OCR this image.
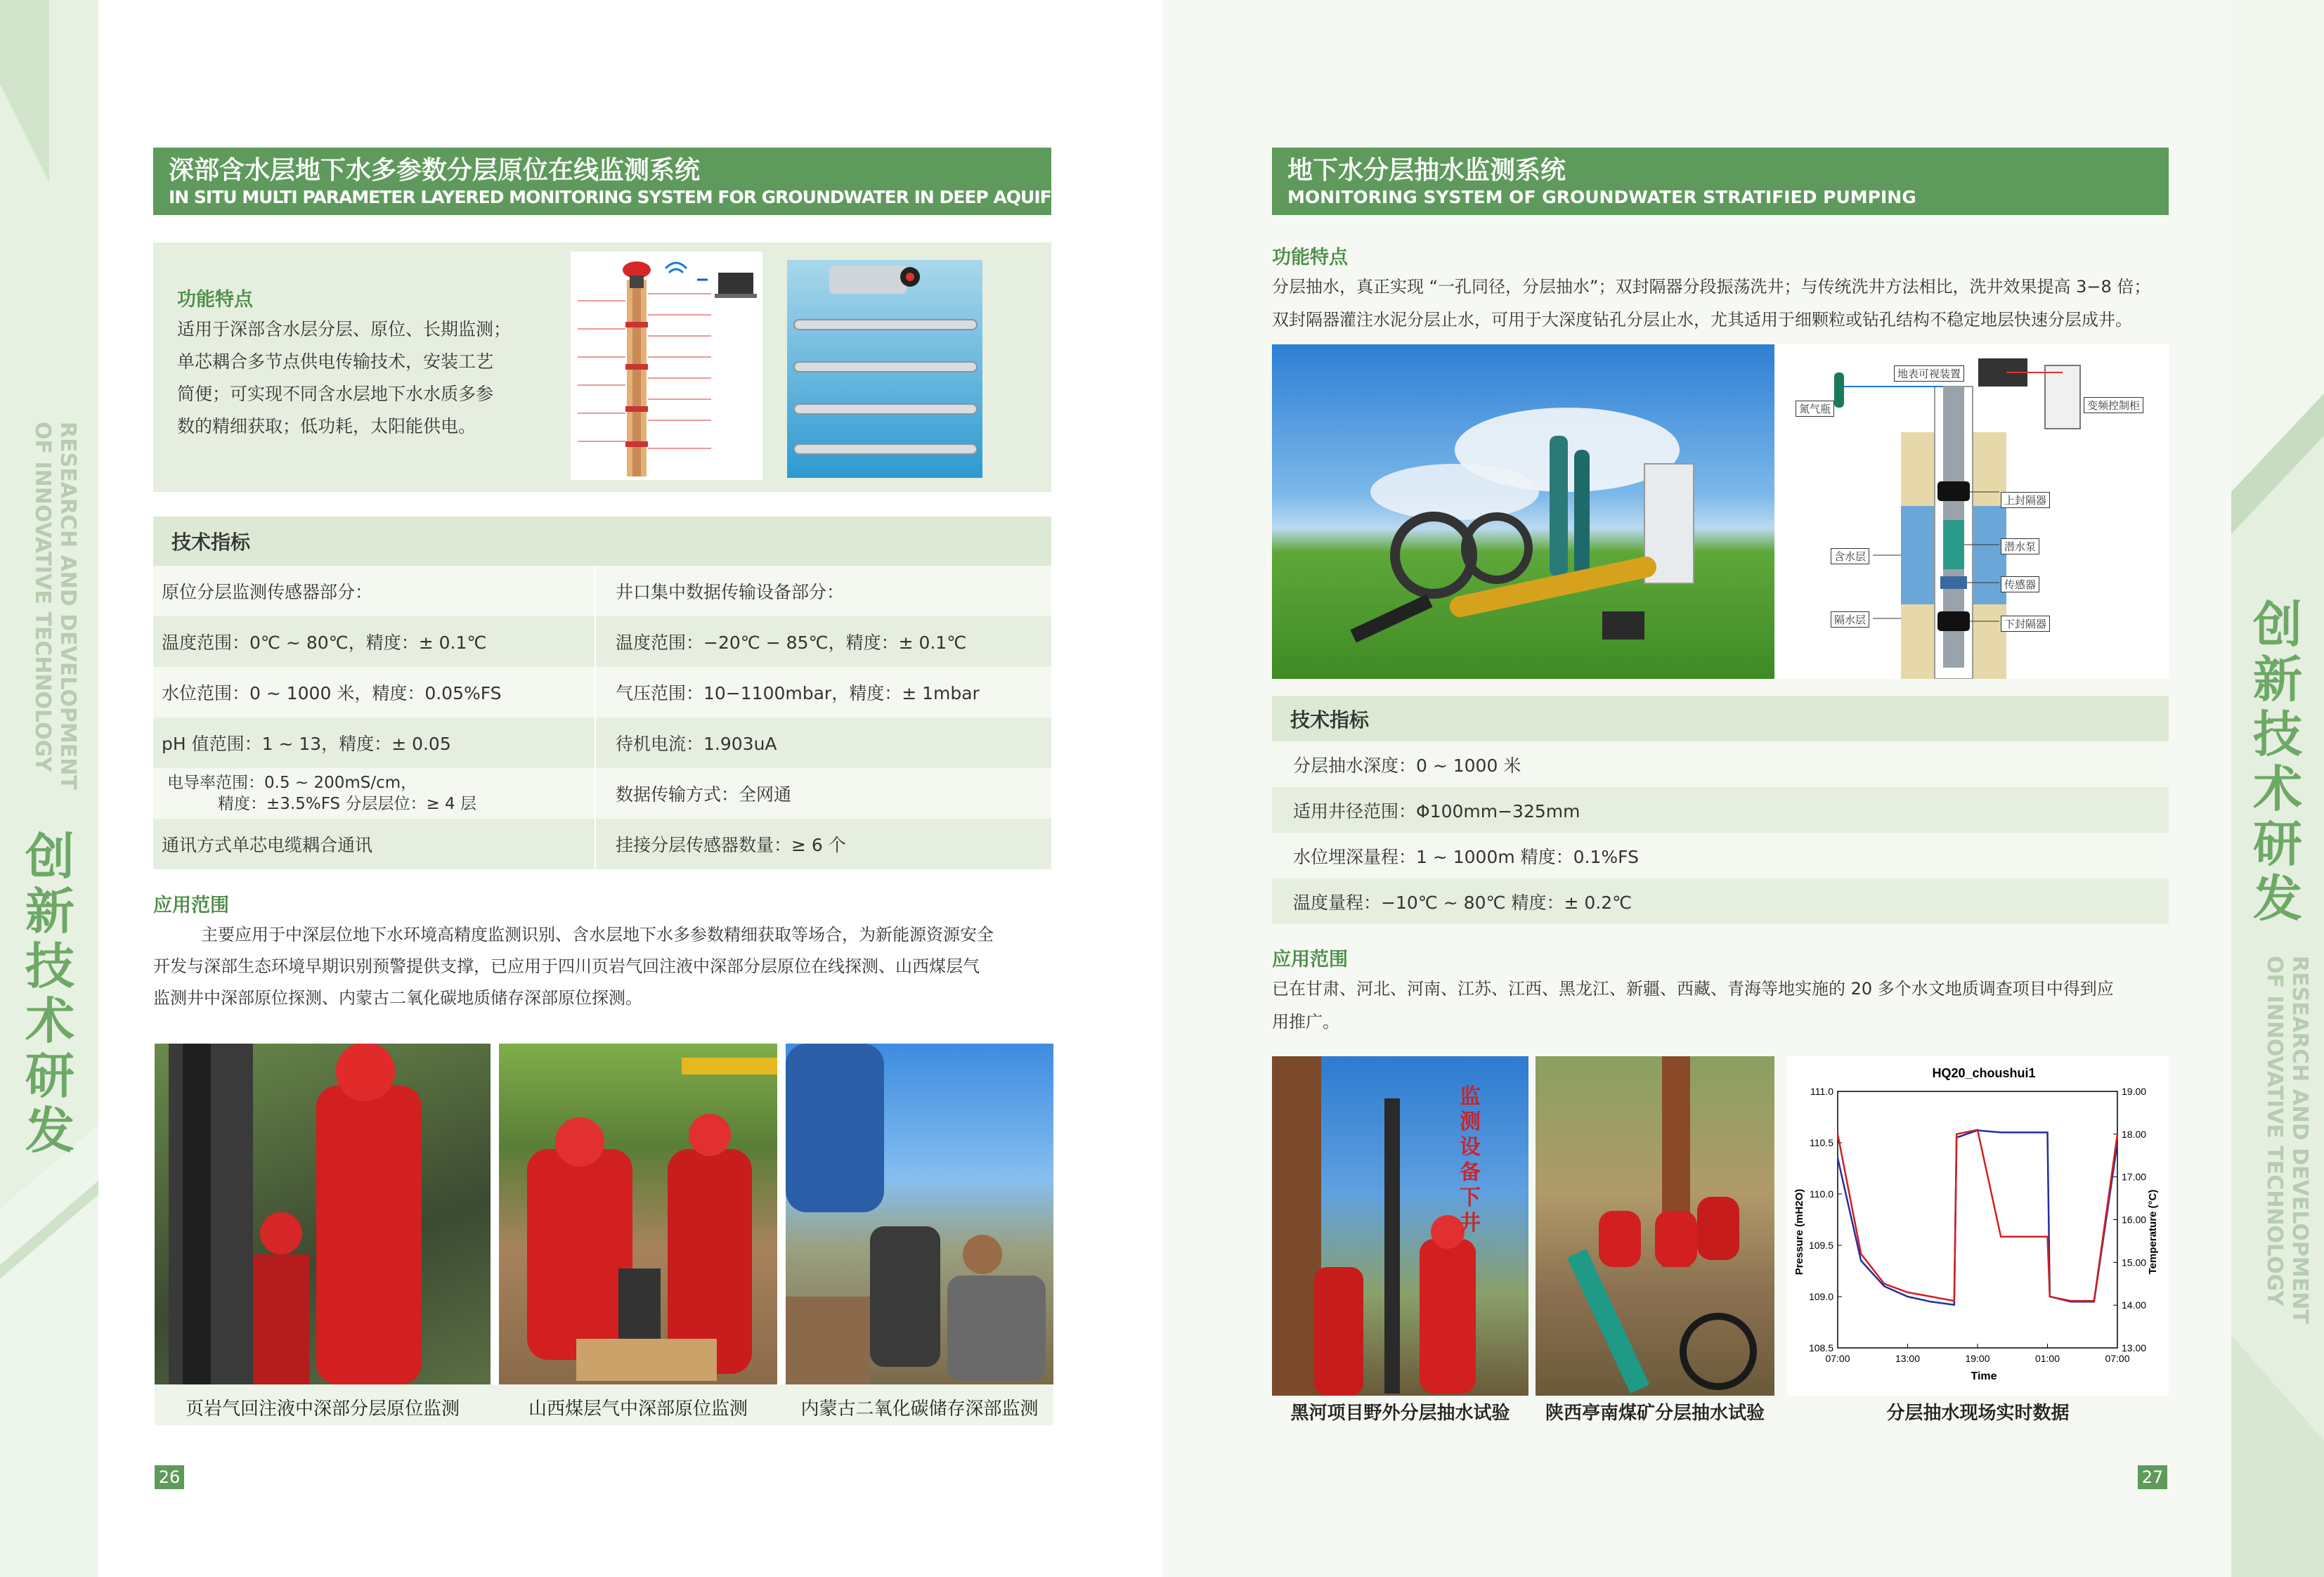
RESEARCH AND DEVELOPMENT
OF INNOVATIVE TECHNOLOGY
创新技术研发
创新技术研发
RESEARCH AND DEVELOPMENT
OF INNOVATIVE TECHNOLOGY
深部含水层地下水多参数分层原位在线监测系统
IN SITU MULTI PARAMETER LAYERED MONITORING SYSTEM FOR GROUNDWATER IN DEEP AQUIFER
功能特点
适用于深部含水层分层、原位、长期监测；
单芯耦合多节点供电传输技术，安装工艺
简便；可实现不同含水层地下水水质多参
数的精细获取；低功耗，太阳能供电。
技术指标
原位分层监测传感器部分：	井口集中数据传输设备部分：
温度范围：0℃ ~ 80℃，精度：± 0.1℃	温度范围：−20℃ − 85℃，精度：± 0.1℃
水位范围：0 ~ 1000 米，精度：0.05%FS	气压范围：10−1100mbar，精度：± 1mbar
pH 值范围：1 ~ 13，精度：± 0.05	待机电流：1.903uA
电导率范围：0.5 ~ 200mS/cm，
精度：±3.5%FS 分层层位：≥ 4 层	数据传输方式：全网通
通讯方式单芯电缆耦合通讯	挂接分层传感器数量：≥ 6 个
应用范围
主要应用于中深层位地下水环境高精度监测识别、含水层地下水多参数精细获取等场合，为新能源资源安全
开发与深部生态环境早期识别预警提供支撑，已应用于四川页岩气回注液中深部分层原位在线探测、山西煤层气
监测井中深部原位探测、内蒙古二氧化碳地质储存深部原位探测。
页岩气回注液中深部分层原位监测	山西煤层气中深部原位监测	内蒙古二氧化碳储存深部监测
26
地下水分层抽水监测系统
MONITORING SYSTEM OF GROUNDWATER STRATIFIED PUMPING
功能特点
分层抽水，真正实现 “一孔同径，分层抽水”；双封隔器分段振荡洗井；与传统洗井方法相比，洗井效果提高 3−8 倍；
双封隔器灌注水泥分层止水，可用于大深度钻孔分层止水，尤其适用于细颗粒或钻孔结构不稳定地层快速分层成井。
氮气瓶
地表可视装置
变频控制柜
上封隔器
潜水泵
含水层
传感器
隔水层	下封隔器
技术指标
分层抽水深度：0 ~ 1000 米
适用井径范围：Φ100mm−325mm
水位埋深量程：1 ~ 1000m 精度：0.1%FS
温度量程：−10℃ ~ 80℃ 精度：± 0.2℃
应用范围
已在甘肃、河北、河南、江苏、江西、黑龙江、新疆、西藏、青海等地实施的 20 多个水文地质调查项目中得到应
用推广。
监
测
设
备
下
井
HQ20_choushui1
Time
Pressure (mH2O)	Temperature (°C)
108.5
109.0
109.5
110.0
110.5
111.0
13.00
14.00
15.00
16.00
17.00
18.00
19.00
07:00	13:00	19:00	01:00	07:00
黑河项目野外分层抽水试验	陕西亭南煤矿分层抽水试验	分层抽水现场实时数据
27
